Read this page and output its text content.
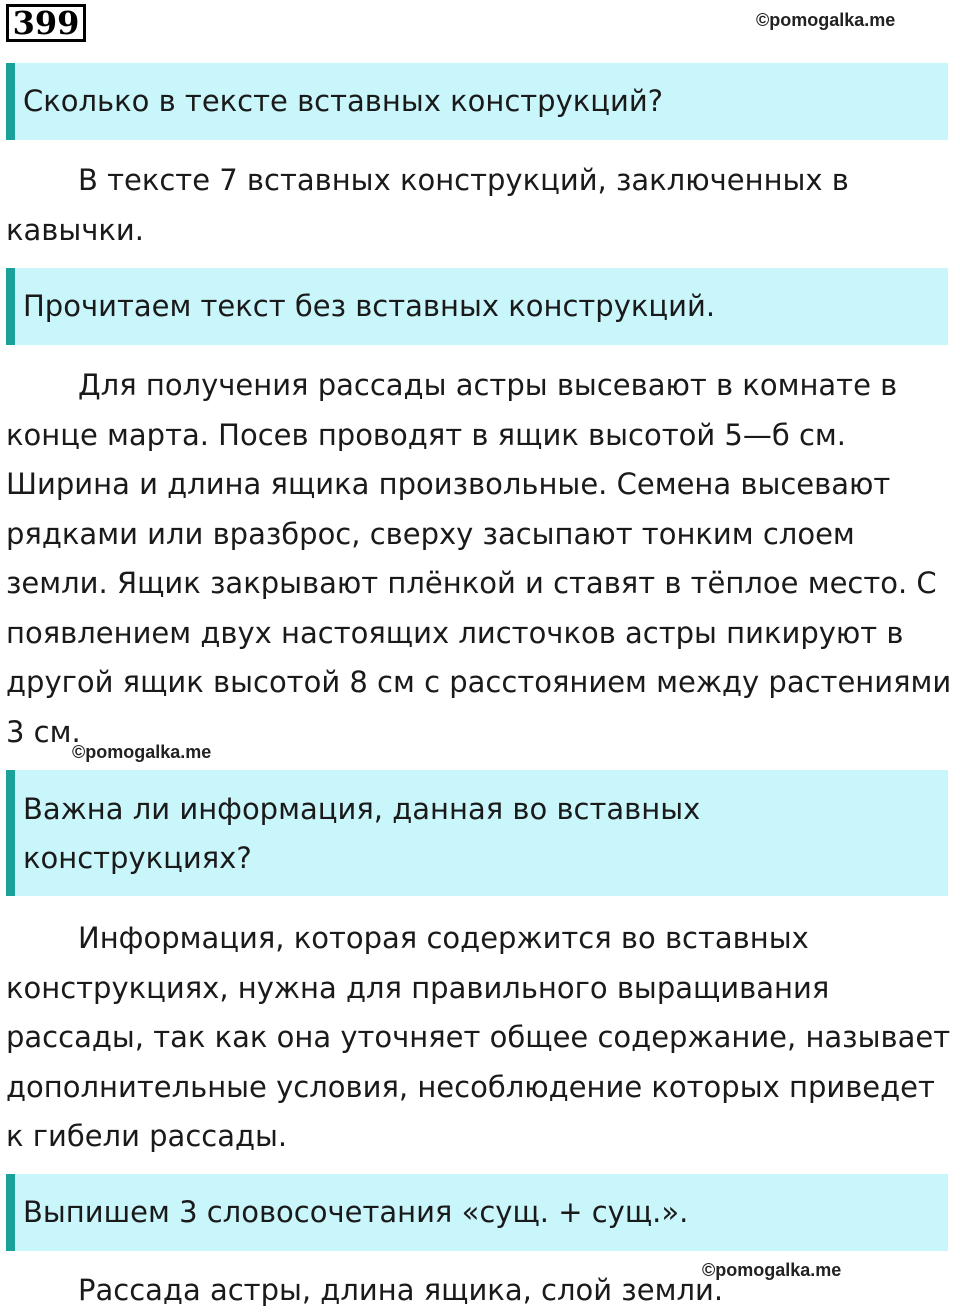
399	©pomogalka.me
Сколько в тексте вставных конструкций?

В тексте 7 вставных конструкций, заключенных в кавычки.

Прочитаем текст без вставных конструкций.

Для получения рассады астры высевают в комнате в конце марта. Посев проводят в ящик высотой 5—б см. Ширина и длина ящика произвольные. Семена высевают рядками или вразброс, сверху засыпают тонким слоем земли. Ящик закрывают плёнкой и ставят в тёплое место. С появлением двух настоящих листочков астры пикируют в другой ящик высотой 8 см с расстоянием между растениями 3 см.

©pomogalka.me
Важна ли информация, данная во вставных конструкциях?

Информация, которая содержится во вставных конструкциях, нужна для правильного выращивания рассады, так как она уточняет общее содержание, называет дополнительные условия, несоблюдение которых приведет к гибели рассады.

Выпишем 3 словосочетания «сущ. + сущ.».
©pomogalka.me

Рассада астры, длина ящика, слой земли.
